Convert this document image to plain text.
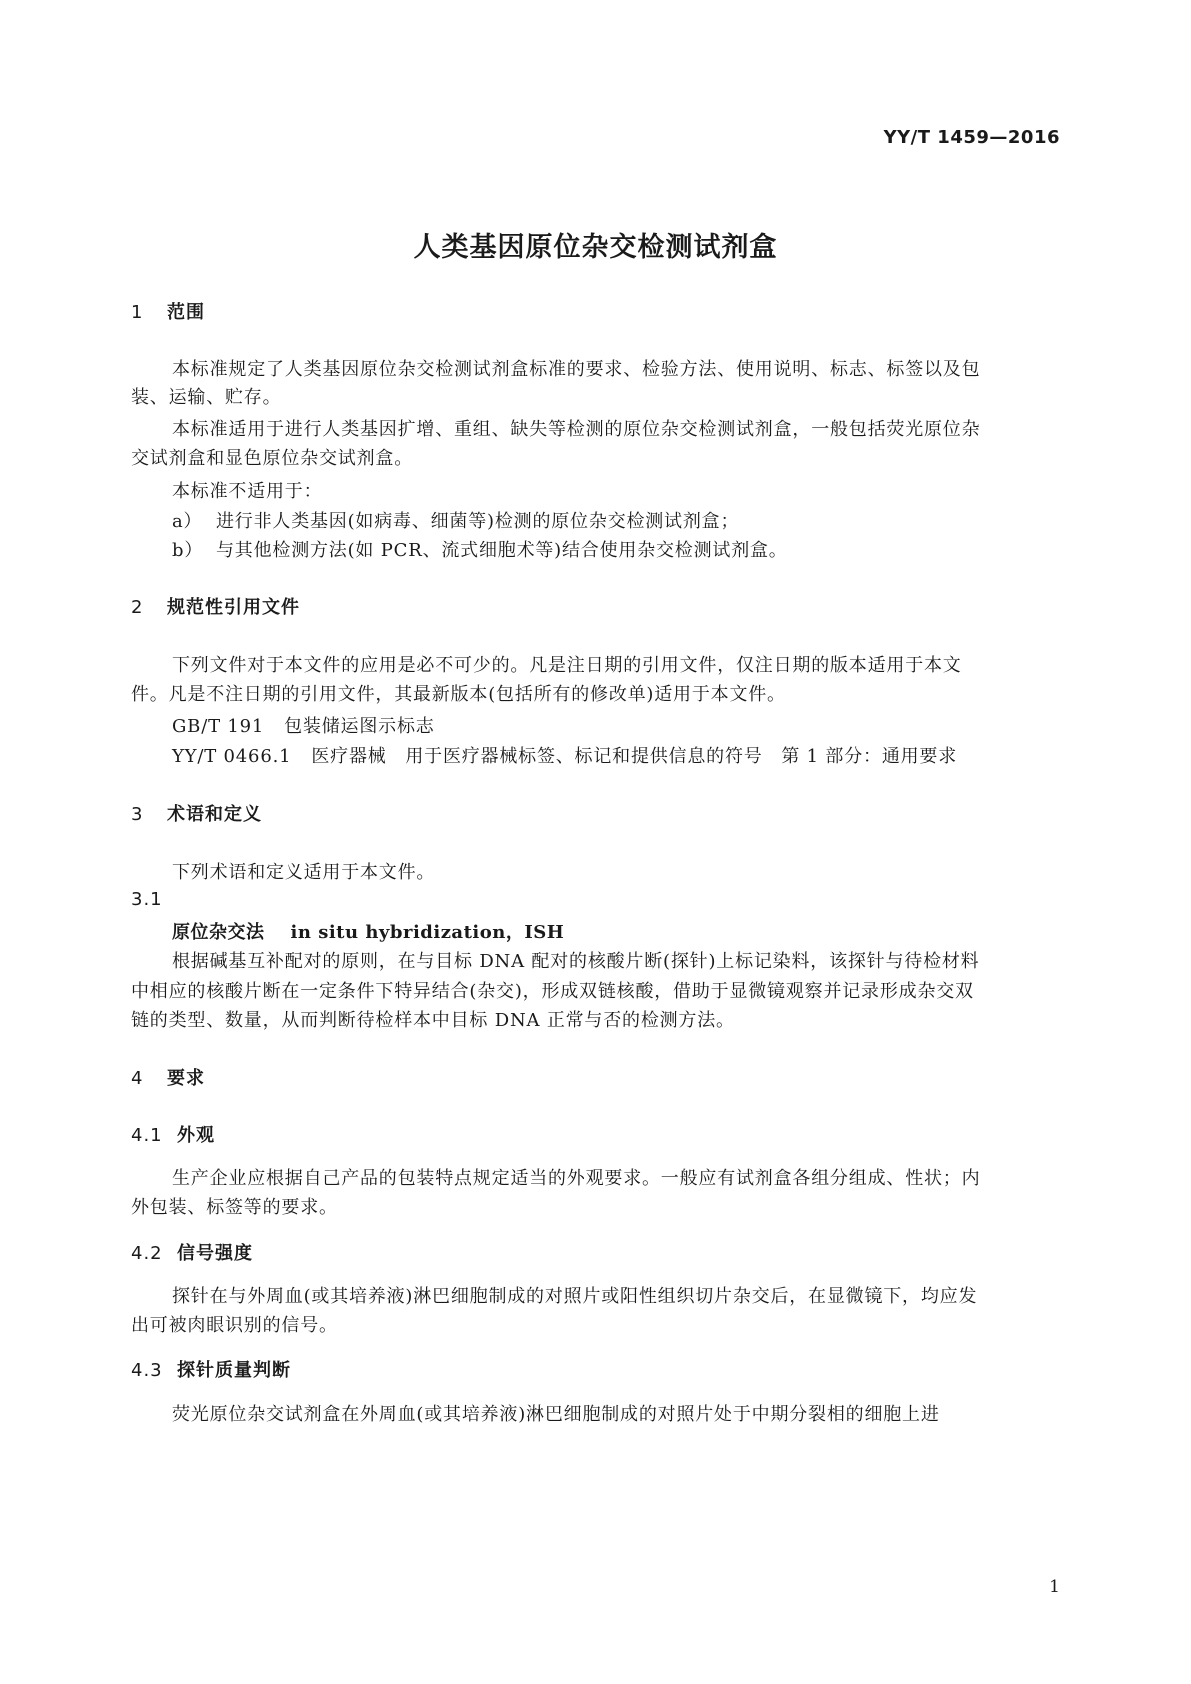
YY/T 1459—2016
人类基因原位杂交检测试剂盒
1 范围
本标准规定了人类基因原位杂交检测试剂盒标准的要求、检验方法、使用说明、标志、标签以及包
装、运输、贮存。
本标准适用于进行人类基因扩增、重组、缺失等检测的原位杂交检测试剂盒，一般包括荧光原位杂
交试剂盒和显色原位杂交试剂盒。
本标准不适用于：
a） 进行非人类基因(如病毒、细菌等)检测的原位杂交检测试剂盒；
b） 与其他检测方法(如 PCR、流式细胞术等)结合使用杂交检测试剂盒。
2 规范性引用文件
下列文件对于本文件的应用是必不可少的。凡是注日期的引用文件，仅注日期的版本适用于本文
件。凡是不注日期的引用文件，其最新版本(包括所有的修改单)适用于本文件。
GB/T 191 包装储运图示标志
YY/T 0466.1 医疗器械　用于医疗器械标签、标记和提供信息的符号　第 1 部分：通用要求
3 术语和定义
下列术语和定义适用于本文件。
3.1
原位杂交法 in situ hybridization，ISH
根据碱基互补配对的原则，在与目标 DNA 配对的核酸片断(探针)上标记染料，该探针与待检材料
中相应的核酸片断在一定条件下特异结合(杂交)，形成双链核酸，借助于显微镜观察并记录形成杂交双
链的类型、数量，从而判断待检样本中目标 DNA 正常与否的检测方法。
4 要求
4.1 外观
生产企业应根据自己产品的包装特点规定适当的外观要求。一般应有试剂盒各组分组成、性状；内
外包装、标签等的要求。
4.2 信号强度
探针在与外周血(或其培养液)淋巴细胞制成的对照片或阳性组织切片杂交后，在显微镜下，均应发
出可被肉眼识别的信号。
4.3 探针质量判断
荧光原位杂交试剂盒在外周血(或其培养液)淋巴细胞制成的对照片处于中期分裂相的细胞上进
1
